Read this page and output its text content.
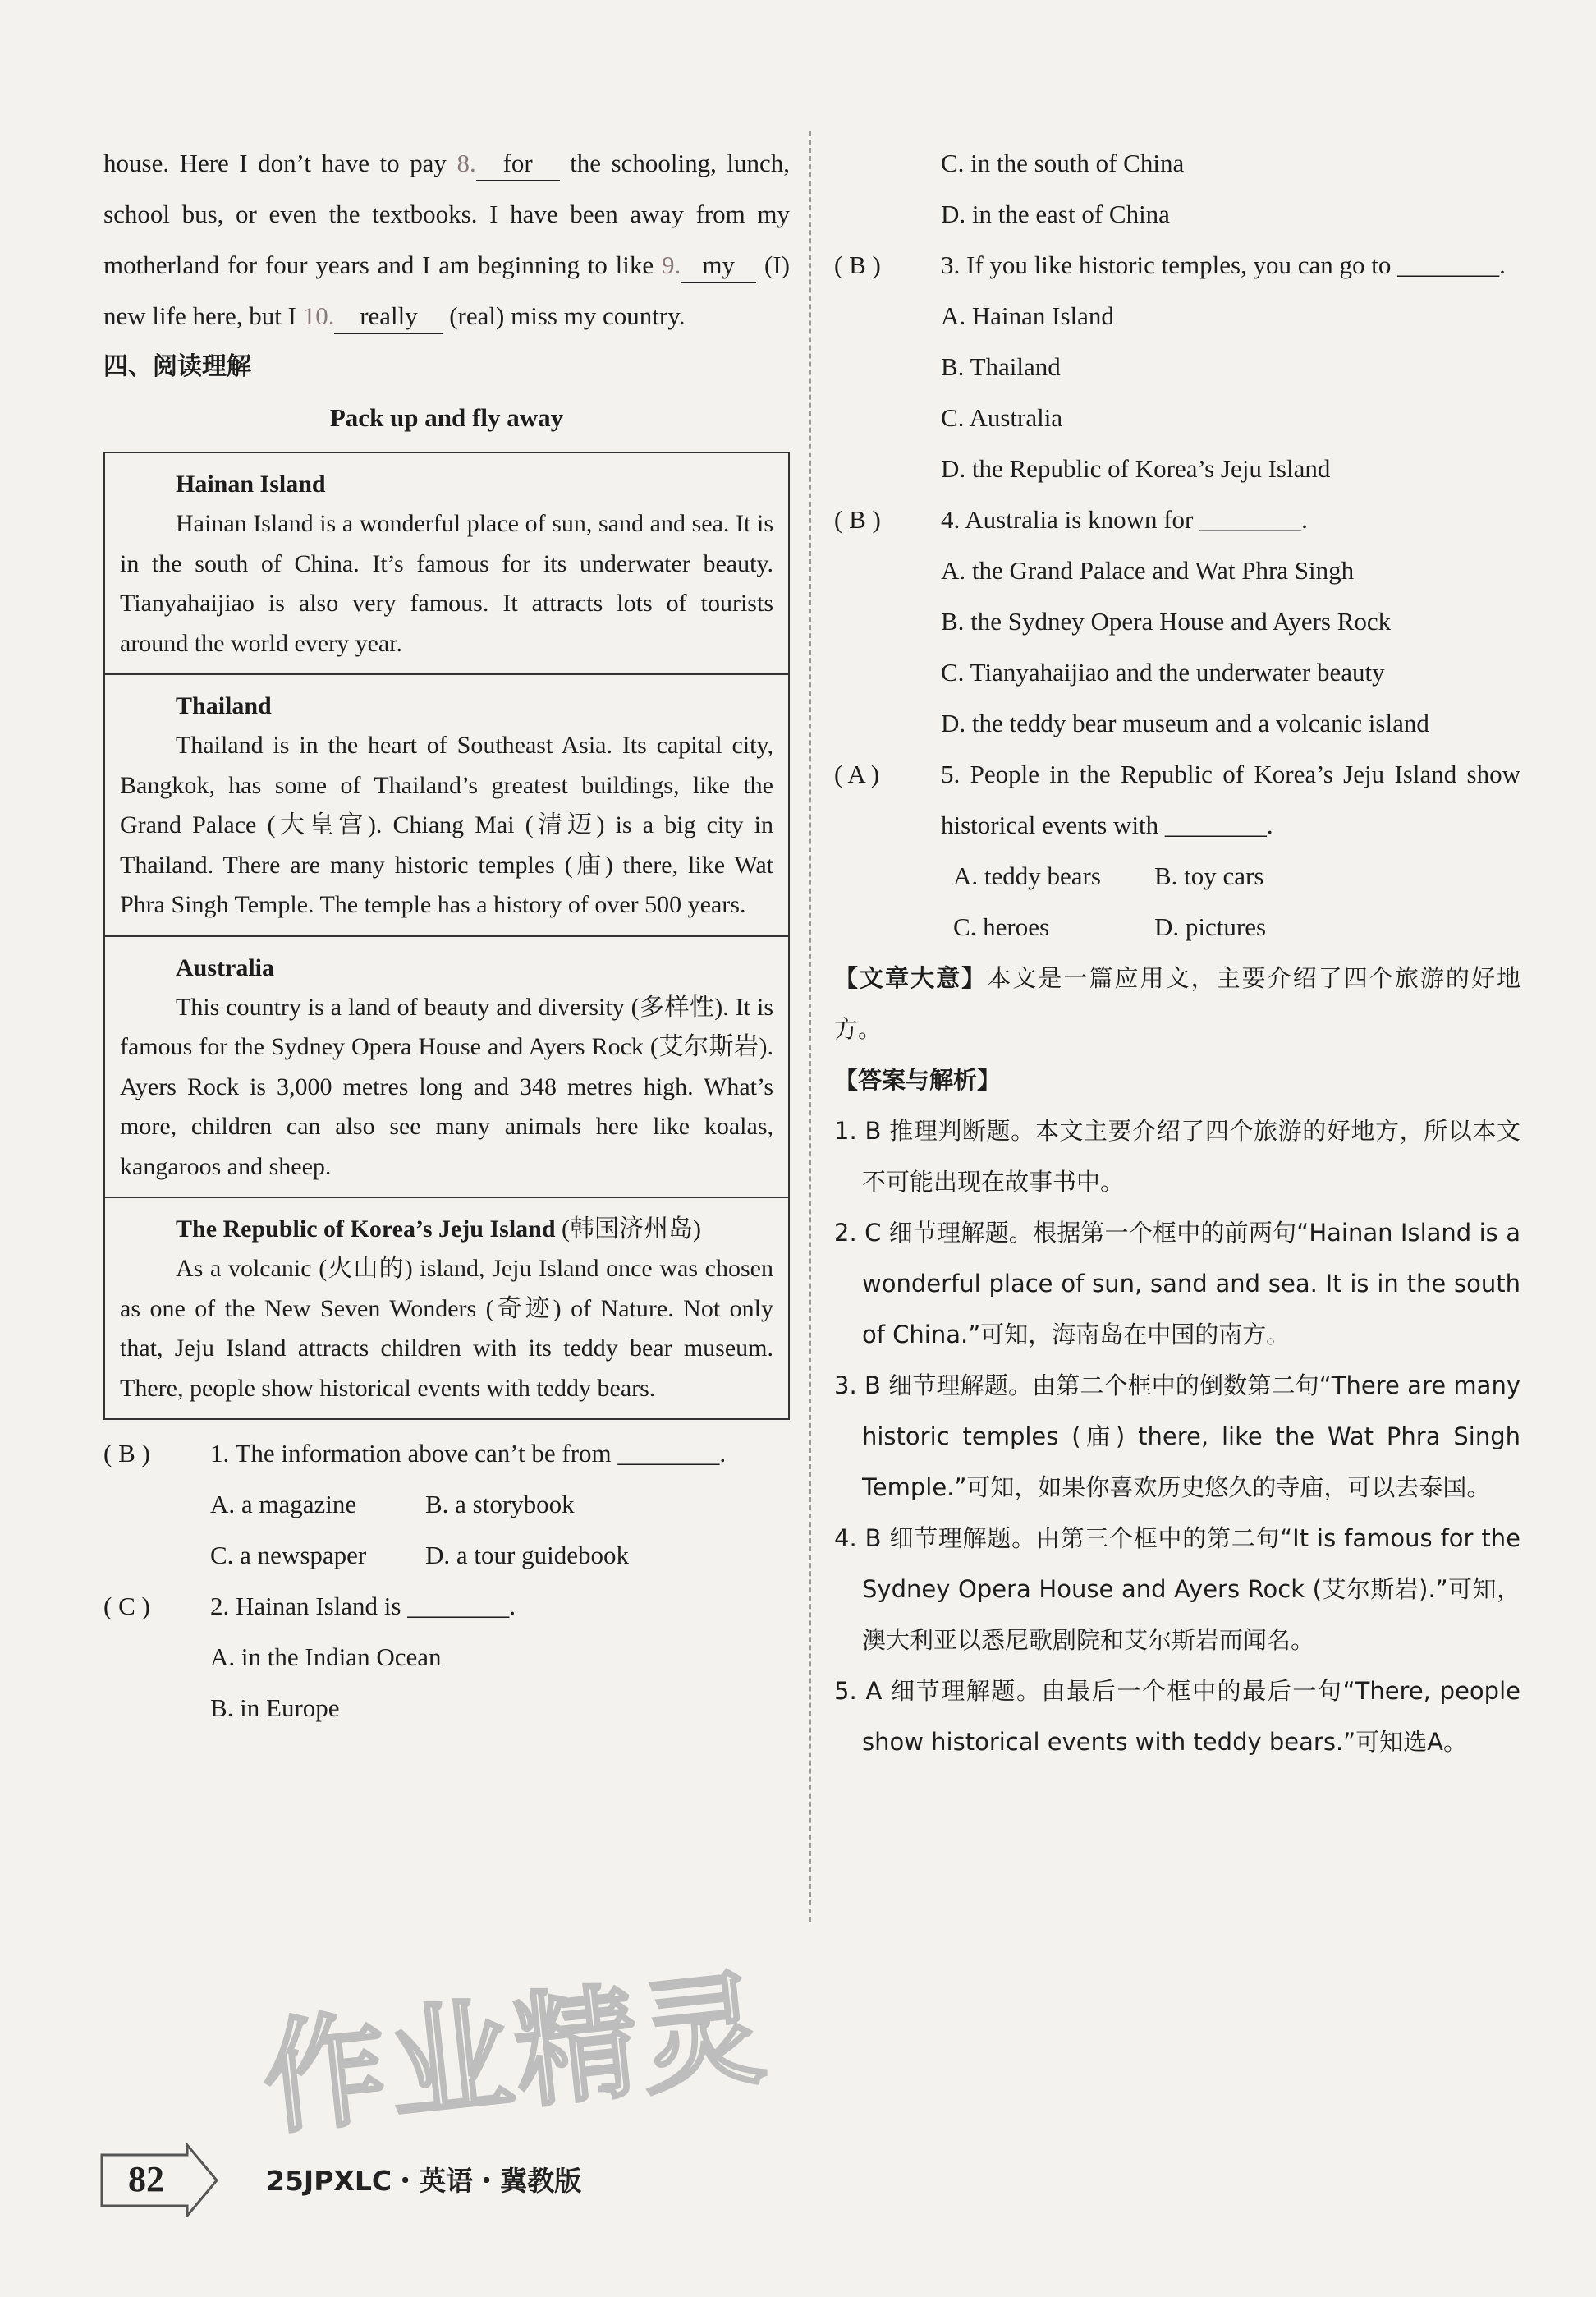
house. Here I don’t have to pay 8. for the schooling, lunch, school bus, or even the textbooks. I have been away from my motherland for four years and I am beginning to like 9. my (I) new life here, but I 10. really (real) miss my country.

四、阅读理解

Pack up and fly away

Hainan Island

Hainan Island is a wonderful place of sun, sand and sea. It is in the south of China. It’s famous for its underwater beauty. Tianyahaijiao is also very famous. It attracts lots of tourists around the world every year.

Thailand

Thailand is in the heart of Southeast Asia. Its capital city, Bangkok, has some of Thailand’s greatest buildings, like the Grand Palace (大皇宫). Chiang Mai (清迈) is a big city in Thailand. There are many historic temples (庙) there, like Wat Phra Singh Temple. The temple has a history of over 500 years.

Australia

This country is a land of beauty and diversity (多样性). It is famous for the Sydney Opera House and Ayers Rock (艾尔斯岩). Ayers Rock is 3,000 metres long and 348 metres high. What’s more, children can also see many animals here like koalas, kangaroos and sheep.

The Republic of Korea’s Jeju Island (韩国济州岛)

As a volcanic (火山的) island, Jeju Island once was chosen as one of the New Seven Wonders (奇迹) of Nature. Not only that, Jeju Island attracts children with its teddy bear museum. There, people show historical events with teddy bears.

( B ) 1. The information above can’t be from ________.

A. a magazine	B. a storybook

C. a newspaper D. a tour guidebook

( C ) 2. Hainan Island is ________.

A. in the Indian Ocean

B. in Europe

C. in the south of China

D. in the east of China

( B ) 3. If you like historic temples, you can go to ________.

A. Hainan Island

B. Thailand

C. Australia

D. the Republic of Korea’s Jeju Island

( B ) 4. Australia is known for ________.

A. the Grand Palace and Wat Phra Singh

B. the Sydney Opera House and Ayers Rock

C. Tianyahaijiao and the underwater beauty

D. the teddy bear museum and a volcanic island

( A ) 5. People in the Republic of Korea’s Jeju Island show historical events with ________.

A. teddy bears B. toy cars

C. heroes	D. pictures

【文章大意】本文是一篇应用文，主要介绍了四个旅游的好地方。

【答案与解析】

1. B 推理判断题。本文主要介绍了四个旅游的好地方，所以本文不可能出现在故事书中。

2. C 细节理解题。根据第一个框中的前两句“Hainan Island is a wonderful place of sun, sand and sea. It is in the south of China.”可知，海南岛在中国的南方。

3. B 细节理解题。由第二个框中的倒数第二句“There are many historic temples (庙) there, like the Wat Phra Singh Temple.”可知，如果你喜欢历史悠久的寺庙，可以去泰国。

4. B 细节理解题。由第三个框中的第二句“It is famous for the Sydney Opera House and Ayers Rock (艾尔斯岩).”可知，澳大利亚以悉尼歌剧院和艾尔斯岩而闻名。

5. A 细节理解题。由最后一个框中的最后一句“There, people show historical events with teddy bears.”可知选A。

作业精灵
82	25JPXLC・英语・冀教版
